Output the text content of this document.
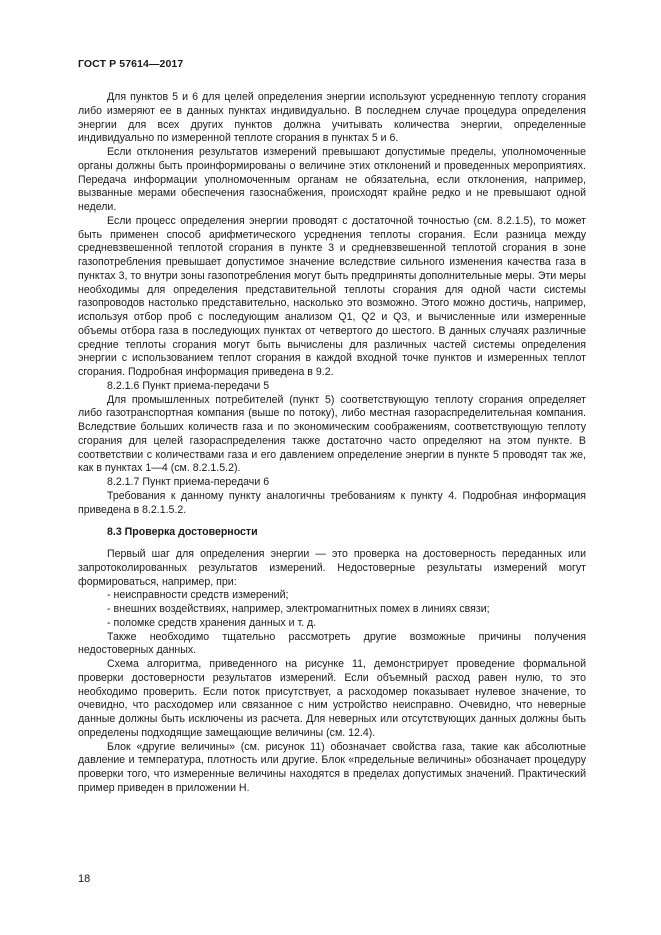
ГОСТ Р 57614—2017

Для пунктов 5 и 6 для целей определения энергии используют усредненную теплоту сгорания либо измеряют ее в данных пунктах индивидуально. В последнем случае процедура определения энергии для всех других пунктов должна учитывать количества энергии, определенные индивидуально по измеренной теплоте сгорания в пунктах 5 и 6.

Если отклонения результатов измерений превышают допустимые пределы, уполномоченные органы должны быть проинформированы о величине этих отклонений и проведенных мероприятиях. Передача информации уполномоченным органам не обязательна, если отклонения, например, вызванные мерами обеспечения газоснабжения, происходят крайне редко и не превышают одной недели.

Если процесс определения энергии проводят с достаточной точностью (см. 8.2.1.5), то может быть применен способ арифметического усреднения теплоты сгорания. Если разница между средневзвешенной теплотой сгорания в пункте 3 и средневзвешенной теплотой сгорания в зоне газопотребления превышает допустимое значение вследствие сильного изменения качества газа в пунктах 3, то внутри зоны газопотребления могут быть предприняты дополнительные меры. Эти меры необходимы для определения представительной теплоты сгорания для одной части системы газопроводов настолько представительно, насколько это возможно. Этого можно достичь, например, используя отбор проб с последующим анализом Q1, Q2 и Q3, и вычисленные или измеренные объемы отбора газа в последующих пунктах от четвертого до шестого. В данных случаях различные средние теплоты сгорания могут быть вычислены для различных частей системы определения энергии с использованием теплот сгорания в каждой входной точке пунктов и измеренных теплот сгорания. Подробная информация приведена в 9.2.

8.2.1.6 Пункт приема-передачи 5

Для промышленных потребителей (пункт 5) соответствующую теплоту сгорания определяет либо газотранспортная компания (выше по потоку), либо местная газораспределительная компания. Вследствие больших количеств газа и по экономическим соображениям, соответствующую теплоту сгорания для целей газораспределения также достаточно часто определяют на этом пункте. В соответствии с количествами газа и его давлением определение энергии в пункте 5 проводят так же, как в пунктах 1—4 (см. 8.2.1.5.2).

8.2.1.7 Пункт приема-передачи 6

Требования к данному пункту аналогичны требованиям к пункту 4. Подробная информация приведена в 8.2.1.5.2.

8.3 Проверка достоверности

Первый шаг для определения энергии — это проверка на достоверность переданных или запротоколированных результатов измерений. Недостоверные результаты измерений могут формироваться, например, при:

- неисправности средств измерений;

- внешних воздействиях, например, электромагнитных помех в линиях связи;

- поломке средств хранения данных и т. д.

Также необходимо тщательно рассмотреть другие возможные причины получения недостоверных данных.

Схема алгоритма, приведенного на рисунке 11, демонстрирует проведение формальной проверки достоверности результатов измерений. Если объемный расход равен нулю, то это необходимо проверить. Если поток присутствует, а расходомер показывает нулевое значение, то очевидно, что расходомер или связанное с ним устройство неисправно. Очевидно, что неверные данные должны быть исключены из расчета. Для неверных или отсутствующих данных должны быть определены подходящие замещающие величины (см. 12.4).

Блок «другие величины» (см. рисунок 11) обозначает свойства газа, такие как абсолютные давление и температура, плотность или другие. Блок «предельные величины» обозначает процедуру проверки того, что измеренные величины находятся в пределах допустимых значений. Практический пример приведен в приложении Н.

18
